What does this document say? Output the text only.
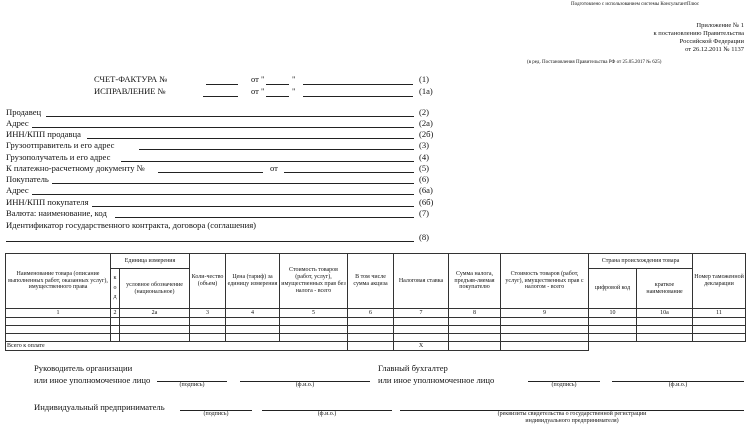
Подготовлено с использованием системы КонсультантПлюс
Приложение № 1
к постановлению Правительства
Российской Федерации
от 26.12.2011 № 1137
(в ред. Постановления Правительства РФ от 25.05.2017 № 625)
СЧЕТ-ФАКТУРА №	от "	"	(1)
ИСПРАВЛЕНИЕ №	от "	"	(1а)
Продавец	(2)
Адрес	(2а)
ИНН/КПП продавца	(2б)
Грузоотправитель и его адрес	(3)
Грузополучатель и его адрес	(4)
К платежно-расчетному документу №	от	(5)
Покупатель	(6)
Адрес	(6а)
ИНН/КПП покупателя	(6б)
Валюта: наименование, код	(7)
Идентификатор государственного контракта, договора (соглашения)
(8)
Наименование товара (описание выполненных работ, оказанных услуг), имущественного права	Единица измерения		Коли-чество (объем)	Цена (тариф) за единицу измерения	Стоимость товаров (работ, услуг), имущественных прав без налога - всего	В том числе сумма акциза	Налоговая ставка	Сумма налога, предъяв-ляемая покупателю	Стоимость товаров (работ, услуг), имущественных прав с налогом - всего	Страна происхождения товара		Номер таможенной декларации
	к о д	условное обозначение (национальное)								цифровой код	краткое наименование	
1	2	2а	3	4	5	6	7	8	9	10	10а	11

Всего к оплате							X					
Руководитель организации
или иное уполномоченное лицо	(подпись)	(ф.и.о.)
Главный бухгалтер
или иное уполномоченное лицо	(подпись)	(ф.и.о.)
Индивидуальный предприниматель
(подпись)	(ф.и.о.)	(реквизиты свидетельства о государственной регистрации
индивидуального предпринимателя)
